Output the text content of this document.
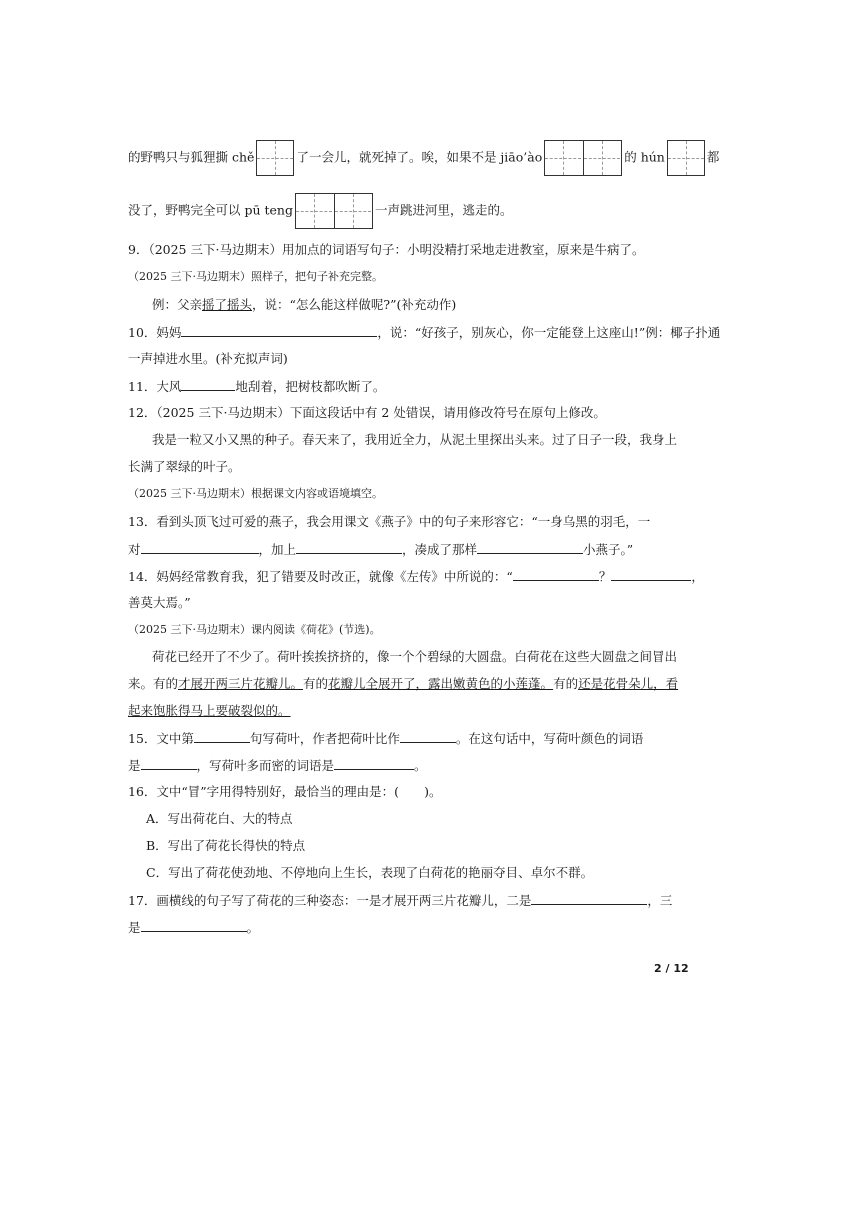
的野鸭只与狐狸撕 chě	了一会儿，就死掉了。唉，如果不是 jiāo’ào	的 hún	都
没了，野鸭完全可以 pū teng	一声跳进河里，逃走的。
9．（2025 三下·马边期末）用加点的词语写句子：小明没精打采地走进教室，原来是牛病了。
（2025 三下·马边期末）照样子，把句子补充完整。
例：父亲摇了摇头，说：“怎么能这样做呢?”(补充动作)
10．妈妈	，说：“好孩子，别灰心，你一定能登上这座山!”例：椰子扑通
一声掉进水里。(补充拟声词)
11．大风	地刮着，把树枝都吹断了。
12．（2025 三下·马边期末）下面这段话中有 2 处错误，请用修改符号在原句上修改。
我是一粒又小又黑的种子。春天来了，我用近全力，从泥土里探出头来。过了日子一段，我身上
长满了翠绿的叶子。
（2025 三下·马边期末）根据课文内容或语境填空。
13．看到头顶飞过可爱的燕子，我会用课文《燕子》中的句子来形容它：“一身乌黑的羽毛，一
对	，加上	，凑成了那样	小燕子。”
14．妈妈经常教育我，犯了错要及时改正，就像《左传》中所说的：“	？	，
善莫大焉。”
（2025 三下·马边期末）课内阅读《荷花》(节选)。
荷花已经开了不少了。荷叶挨挨挤挤的，像一个个碧绿的大圆盘。白荷花在这些大圆盘之间冒出
来。有的才展开两三片花瓣儿。有的花瓣儿全展开了，露出嫩黄色的小莲蓬。有的还是花骨朵儿，看
起来饱胀得马上要破裂似的。
15．文中第	句写荷叶，作者把荷叶比作	。在这句话中，写荷叶颜色的词语
是	，写荷叶多而密的词语是	。
16．文中“冒”字用得特别好，最恰当的理由是：(　　)。
A．写出荷花白、大的特点
B．写出了荷花长得快的特点
C．写出了荷花使劲地、不停地向上生长，表现了白荷花的艳丽夺目、卓尔不群。
17．画横线的句子写了荷花的三种姿态：一是才展开两三片花瓣儿，二是	，三
是	。
2 / 12
